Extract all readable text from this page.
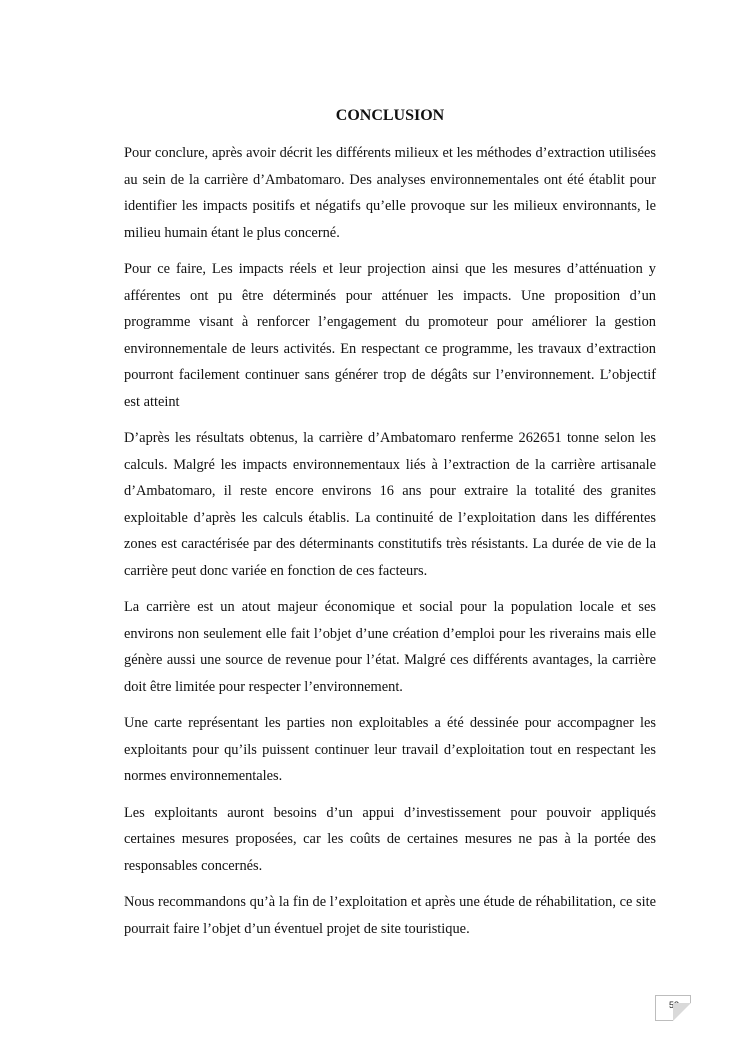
CONCLUSION

Pour conclure, après avoir décrit les différents milieux et les méthodes d’extraction utilisées au sein de la carrière d’Ambatomaro. Des analyses environnementales ont été établit pour identifier les impacts positifs et négatifs qu’elle provoque sur les milieux environnants, le milieu humain étant le plus concerné.

Pour ce faire, Les impacts réels et leur projection ainsi que les mesures d’atténuation y afférentes ont pu être déterminés pour atténuer les impacts. Une proposition d’un programme visant à renforcer l’engagement du promoteur pour améliorer la gestion environnementale de leurs activités. En respectant ce programme, les travaux d’extraction pourront facilement continuer sans générer trop de dégâts sur l’environnement. L’objectif est atteint

D’après les résultats obtenus, la carrière d’Ambatomaro renferme 262651 tonne selon les calculs. Malgré les impacts environnementaux liés à l’extraction de la carrière artisanale d’Ambatomaro, il reste encore environs 16 ans pour extraire la totalité des granites exploitable d’après les calculs établis. La continuité de l’exploitation dans les différentes zones est caractérisée par des déterminants constitutifs très résistants. La durée de vie de la carrière peut donc variée en fonction de ces facteurs.

La carrière est un atout majeur économique et social pour la population locale et ses environs non seulement elle fait l’objet d’une création d’emploi pour les riverains mais elle génère aussi une source de revenue pour l’état. Malgré ces différents avantages, la carrière doit être limitée pour respecter l’environnement.

Une carte représentant les parties non exploitables a été dessinée pour accompagner les exploitants pour qu’ils puissent continuer leur travail d’exploitation tout en respectant les normes environnementales.

Les exploitants auront besoins d’un appui d’investissement pour pouvoir appliqués certaines mesures proposées, car les coûts de certaines mesures ne pas à la portée des responsables concernés.

Nous recommandons qu’à la fin de l’exploitation et après une étude de réhabilitation, ce site pourrait faire l’objet d’un éventuel projet de site touristique.

58
